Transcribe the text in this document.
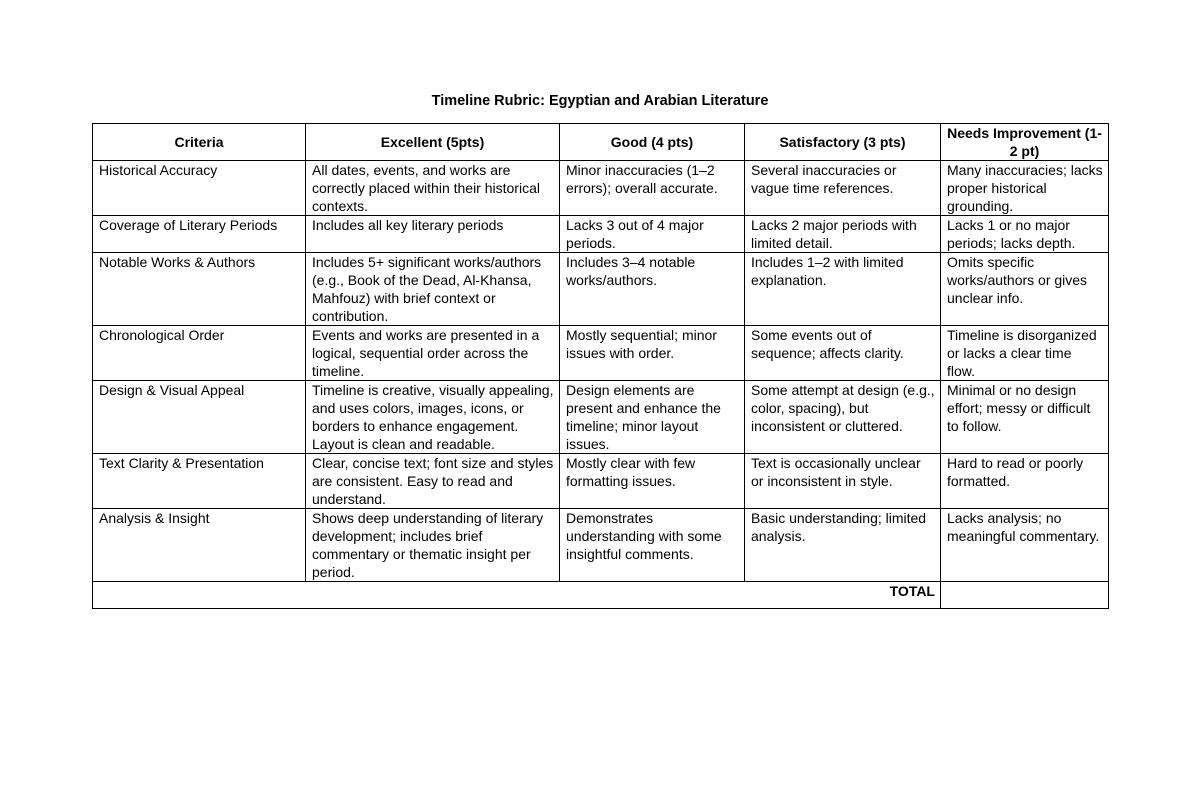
Timeline Rubric: Egyptian and Arabian Literature
Criteria	Excellent (5pts)	Good (4 pts)	Satisfactory (3 pts)	Needs Improvement (1-2 pt)
Historical Accuracy	All dates, events, and works are correctly placed within their historical contexts.	Minor inaccuracies (1–2 errors); overall accurate.	Several inaccuracies or vague time references.	Many inaccuracies; lacks proper historical grounding.
Coverage of Literary Periods	Includes all key literary periods	Lacks 3 out of 4 major periods.	Lacks 2 major periods with limited detail.	Lacks 1 or no major periods; lacks depth.
Notable Works & Authors	Includes 5+ significant works/authors (e.g., Book of the Dead, Al-Khansa, Mahfouz) with brief context or contribution.	Includes 3–4 notable works/authors.	Includes 1–2 with limited explanation.	Omits specific works/authors or gives unclear info.
Chronological Order	Events and works are presented in a logical, sequential order across the timeline.	Mostly sequential; minor issues with order.	Some events out of sequence; affects clarity.	Timeline is disorganized or lacks a clear time flow.
Design & Visual Appeal	Timeline is creative, visually appealing, and uses colors, images, icons, or borders to enhance engagement. Layout is clean and readable.	Design elements are present and enhance the timeline; minor layout issues.	Some attempt at design (e.g., color, spacing), but inconsistent or cluttered.	Minimal or no design effort; messy or difficult to follow.
Text Clarity & Presentation	Clear, concise text; font size and styles are consistent. Easy to read and understand.	Mostly clear with few formatting issues.	Text is occasionally unclear or inconsistent in style.	Hard to read or poorly formatted.
Analysis & Insight	Shows deep understanding of literary development; includes brief commentary or thematic insight per period.	Demonstrates understanding with some insightful comments.	Basic understanding; limited analysis.	Lacks analysis; no meaningful commentary.
TOTAL				
